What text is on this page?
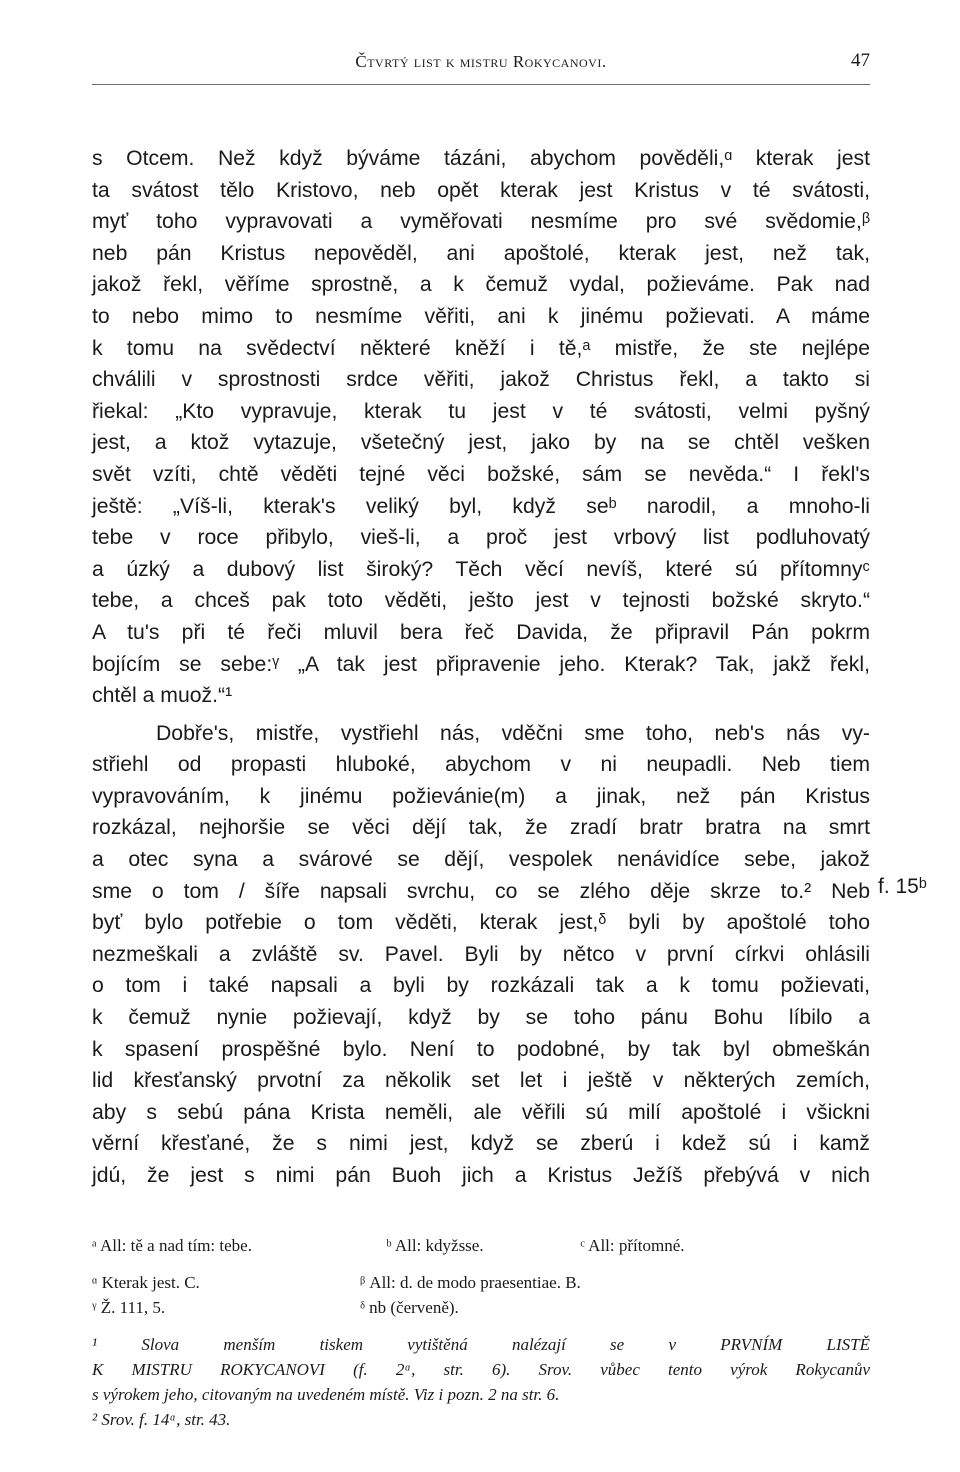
Čtvrtý list k mistru Rokycanovi.	47
s Otcem. Než když býváme tázáni, abychom pověděli,ᵅ kterak jest
ta svátost tělo Kristovo, neb opět kterak jest Kristus v té svátosti,
myť toho vypravovati a vyměřovati nesmíme pro své svědomie,ᵝ
neb pán Kristus nepověděl, ani apoštolé, kterak jest, než tak,
jakož řekl, věříme sprostně, a k čemuž vydal, požieváme. Pak nad
to nebo mimo to nesmíme věřiti, ani k jinému požievati. A máme
k tomu na svědectví některé kněží i tě,ᵃ mistře, že ste nejlépe
chválili v sprostnosti srdce věřiti, jakož Christus řekl, a takto si
řiekal: „Kto vypravuje, kterak tu jest v té svátosti, velmi pyšný
jest, a ktož vytazuje, všetečný jest, jako by na se chtěl vešken
svět vzíti, chtě věděti tejné věci božské, sám se nevěda.“ I řekl's
ještě: „Víš-li, kterak's veliký byl, když seᵇ narodil, a mnoho-li
tebe v roce přibylo, vieš-li, a proč jest vrbový list podluhovatý
a úzký a dubový list široký? Těch věcí nevíš, které sú přítomnyᶜ
tebe, a chceš pak toto věděti, ješto jest v tejnosti božské skryto.“
A tu's při té řeči mluvil bera řeč Davida, že připravil Pán pokrm
bojícím se sebe:ᵞ „A tak jest připravenie jeho. Kterak? Tak, jakž řekl,
chtěl a muož.“¹
Dobře's, mistře, vystřiehl nás, vděčni sme toho, neb's nás vy-
střiehl od propasti hluboké, abychom v ni neupadli. Neb tiem
vypravováním, k jinému požievánie(m) a jinak, než pán Kristus
rozkázal, nejhoršie se věci dějí tak, že zradí bratr bratra na smrt
a otec syna a svárové se dějí, vespolek nenávidíce sebe, jakož
sme o tom / šíře napsali svrchu, co se zlého děje skrze to.² Neb
byť bylo potřebie o tom věděti, kterak jest,ᵟ byli by apoštolé toho
nezmeškali a zvláště sv. Pavel. Byli by nětco v první církvi ohlásili
o tom i také napsali a byli by rozkázali tak a k tomu požievati,
k čemuž nynie požievají, když by se toho pánu Bohu líbilo a
k spasení prospěšné bylo. Není to podobné, by tak byl obmeškán
lid křesťanský prvotní za několik set let i ještě v některých zemích,
aby s sebú pána Krista neměli, ale věřili sú milí apoštolé i všickni
věrní křesťané, že s nimi jest, když se zberú i kdež sú i kamž
jdú, že jest s nimi pán Buoh jich a Kristus Ježíš přebývá v nich
f. 15ᵇ
ᵃ All: tě a nad tím: tebe.	ᵇ All: kdyžsse.	ᶜ All: přítomné.
ᵅ Kterak jest. C.	ᵝ All: d. de modo praesentiae. B.
ᵞ Ž. 111, 5.	ᵟ nb (červeně).
¹ Slova menším tiskem vytištěná nalézají se v PRVNÍM LISTĚ
K MISTRU ROKYCANOVI (f. 2ᵅ, str. 6). Srov. vůbec tento výrok Rokycanův
s výrokem jeho, citovaným na uvedeném místě. Viz i pozn. 2 na str. 6.
² Srov. f. 14ᵅ, str. 43.
